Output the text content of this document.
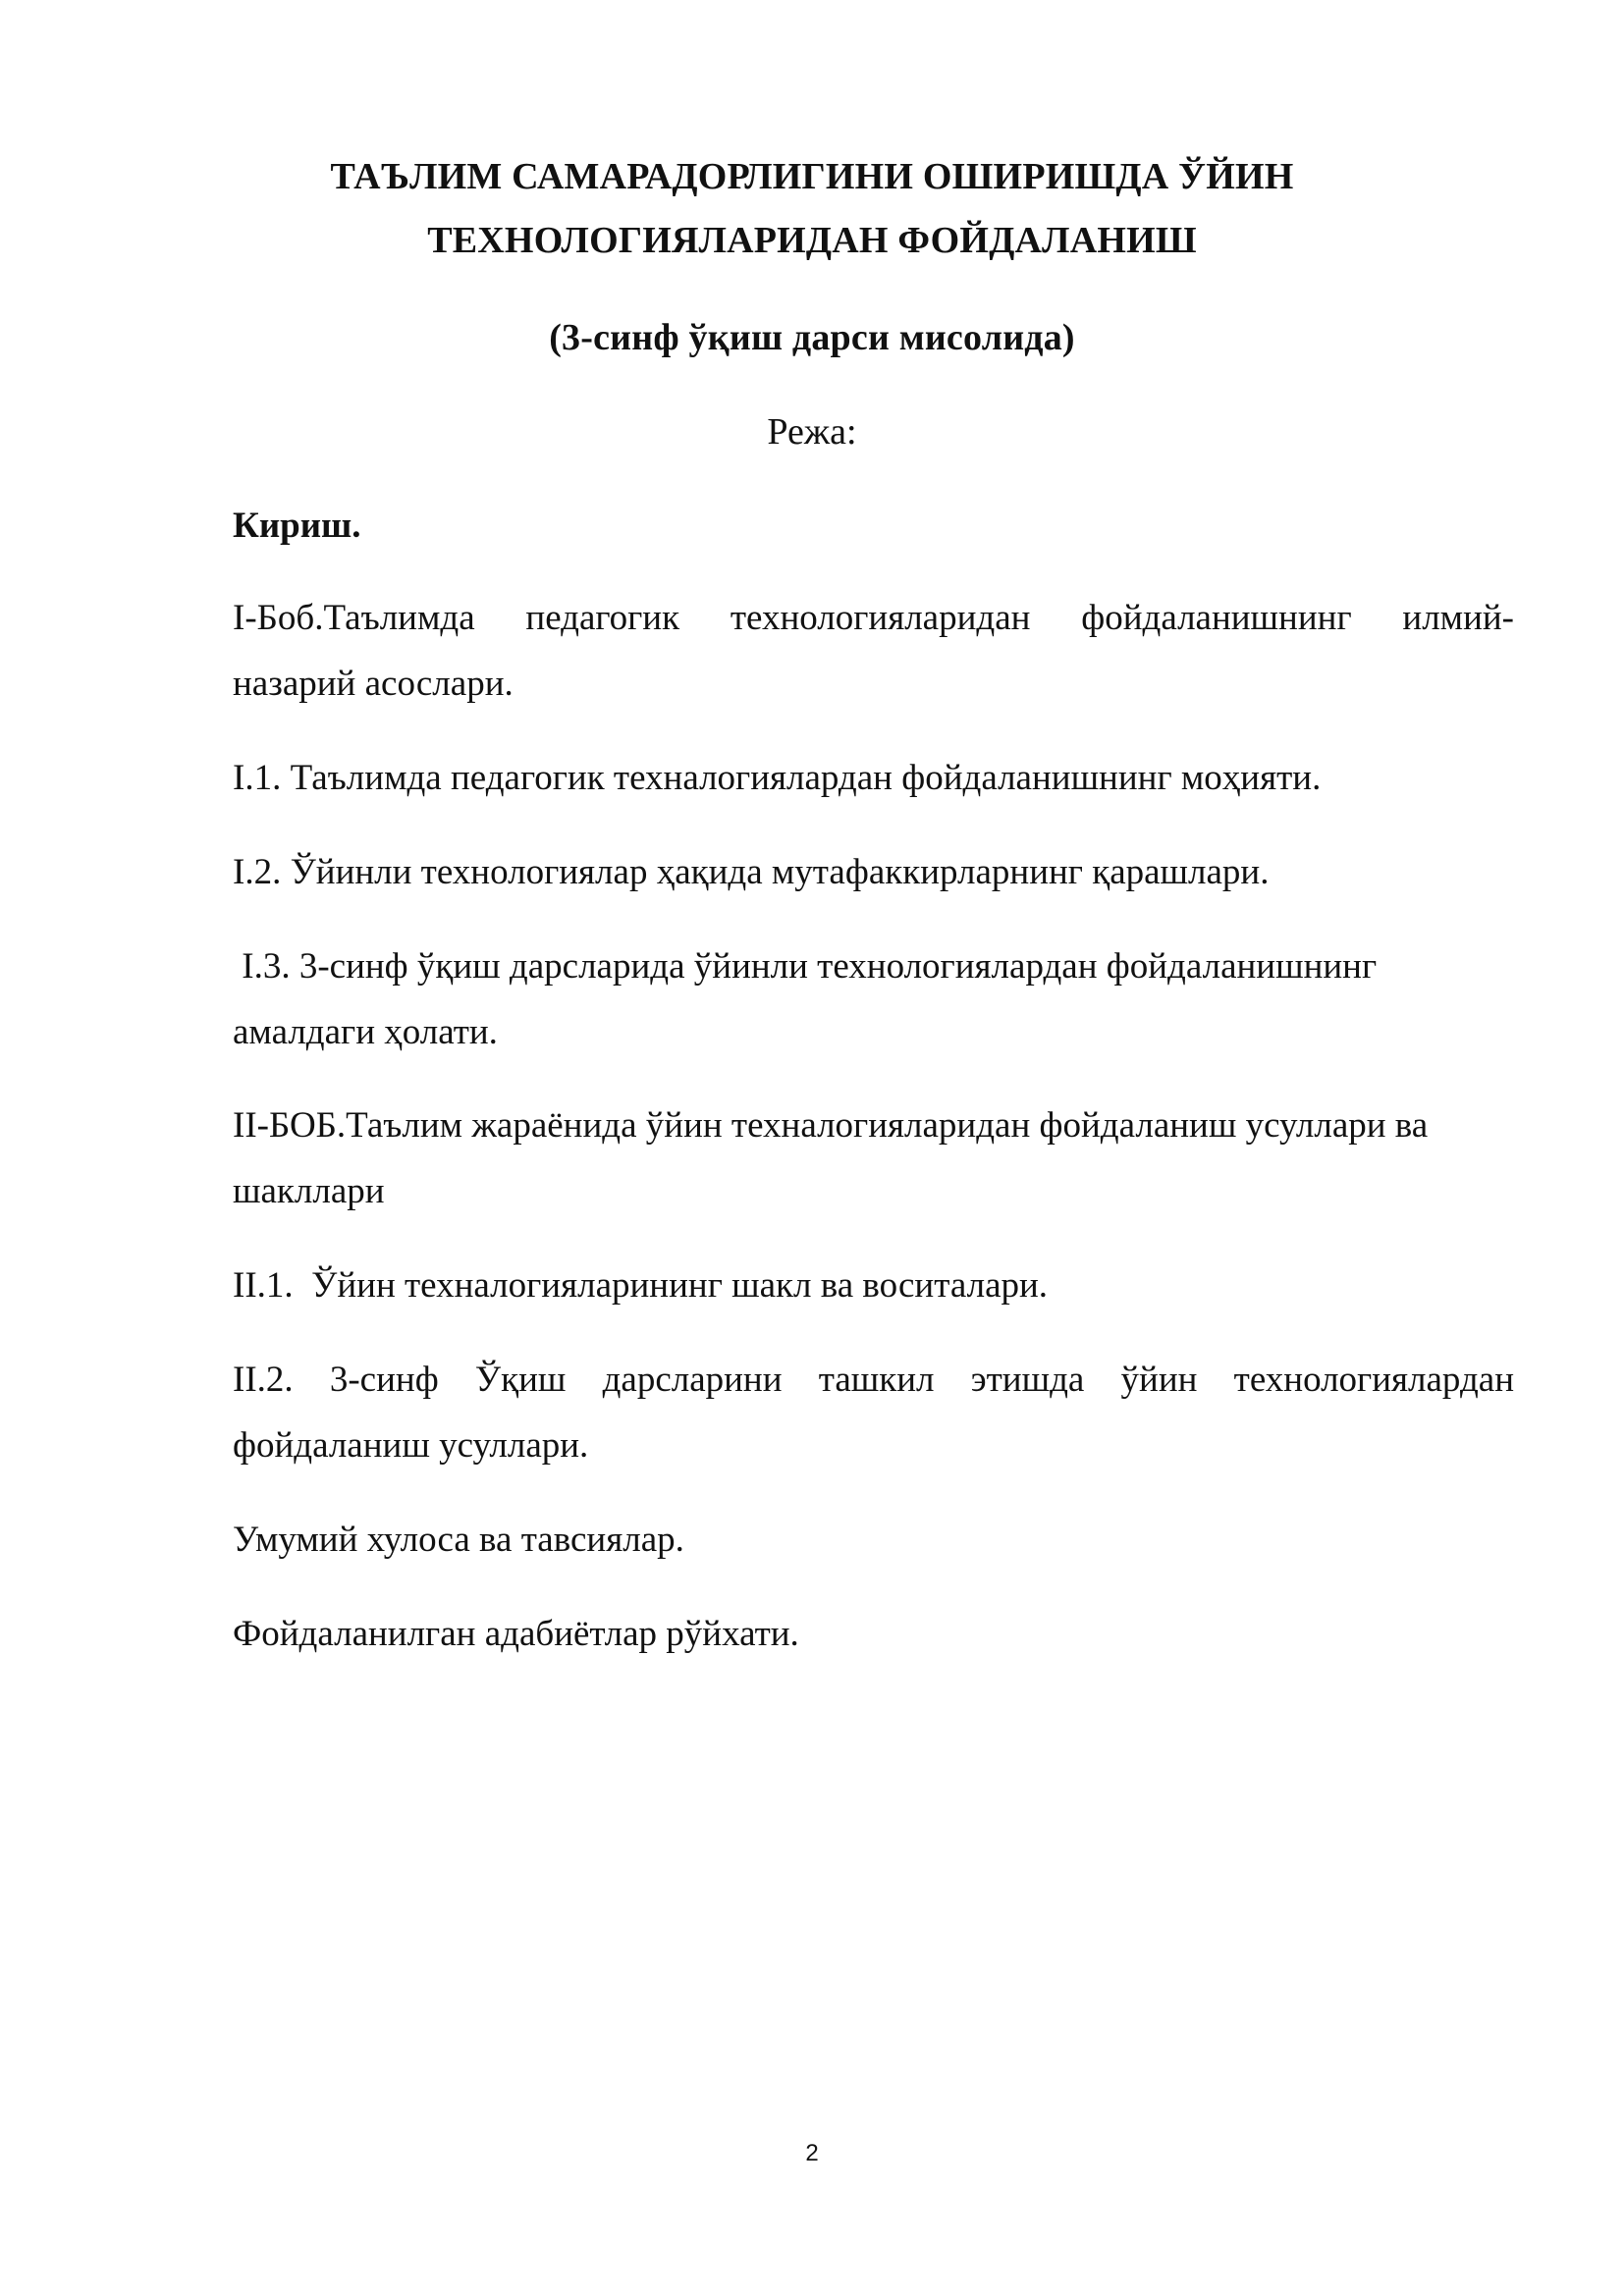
ТАЪЛИМ САМАРАДОРЛИГИНИ ОШИРИШДА ЎЙИН
ТЕХНОЛОГИЯЛАРИДАН ФОЙДАЛАНИШ
(3-синф ўқиш дарси мисолида)
Режа:
Кириш.
I-Боб.Таълимда педагогик технологияларидан фойдаланишнинг илмий-
назарий асослари.
I.1. Таълимда педагогик техналогиялардан фойдаланишнинг моҳияти.
I.2. Ўйинли технологиялар ҳақида мутафаккирларнинг қарашлари.
I.3. 3-синф ўқиш дарсларида ўйинли технологиялардан фойдаланишнинг
амалдаги ҳолати.
II-БОБ.Таълим жараёнида ўйин техналогияларидан фойдаланиш усуллари ва
шакллари
II.1.  Ўйин техналогияларининг шакл ва воситалари.
II.2. 3-синф Ўқиш дарсларини ташкил этишда ўйин технологиялардан
фойдаланиш усуллари.
Умумий хулоса ва тавсиялар.
Фойдаланилган адабиётлар рўйхати.
2
